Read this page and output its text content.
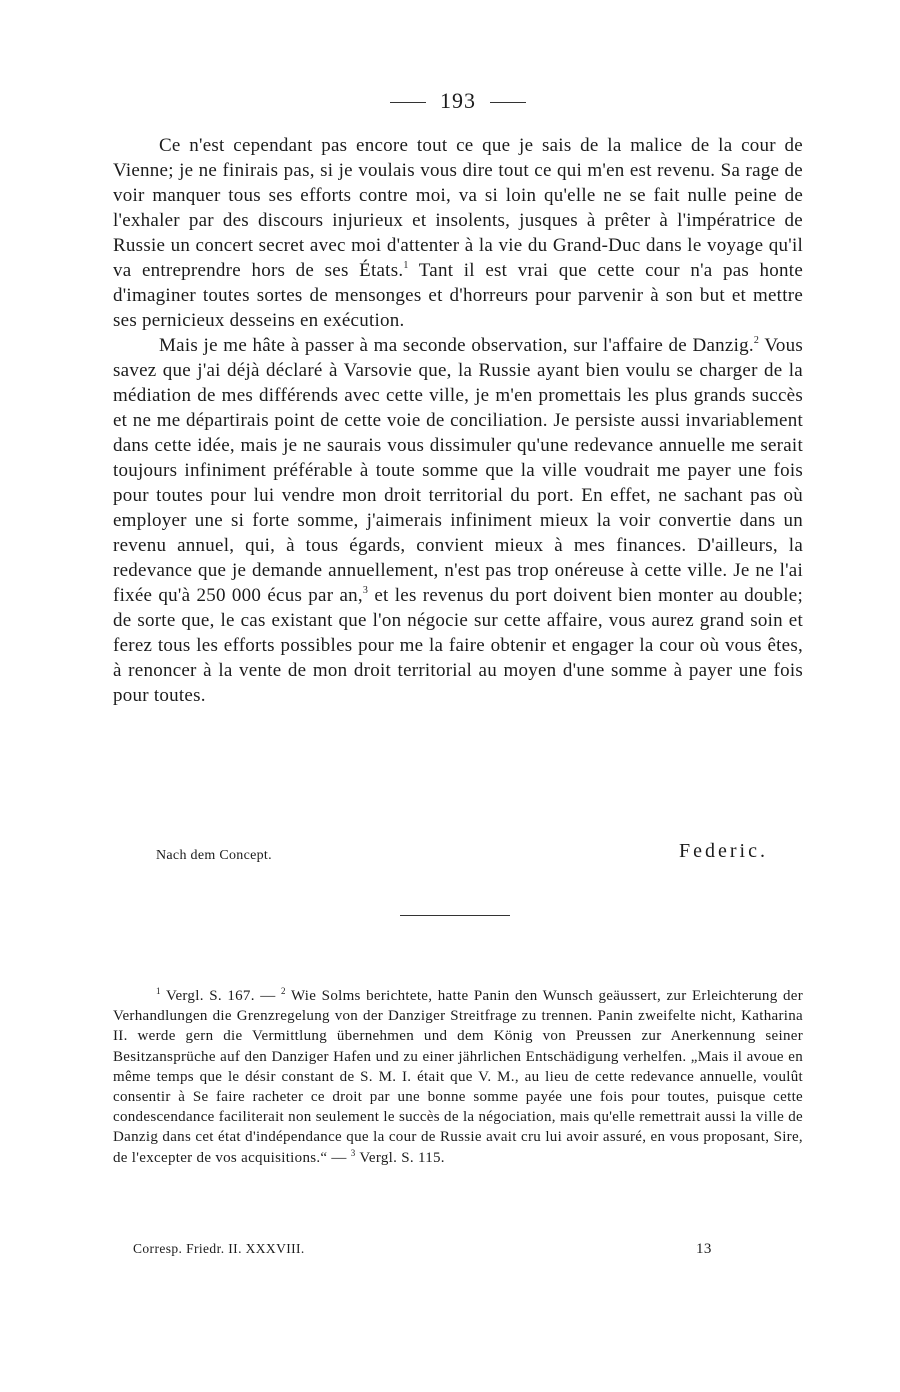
193

Ce n'est cependant pas encore tout ce que je sais de la malice de la cour de Vienne; je ne finirais pas, si je voulais vous dire tout ce qui m'en est revenu. Sa rage de voir manquer tous ses efforts contre moi, va si loin qu'elle ne se fait nulle peine de l'exhaler par des discours injurieux et insolents, jusques à prêter à l'impératrice de Russie un concert secret avec moi d'attenter à la vie du Grand-Duc dans le voyage qu'il va entreprendre hors de ses États.$^1$ Tant il est vrai que cette cour n'a pas honte d'imaginer toutes sortes de mensonges et d'horreurs pour parvenir à son but et mettre ses pernicieux desseins en exécution.

Mais je me hâte à passer à ma seconde observation, sur l'affaire de Danzig.$^2$ Vous savez que j'ai déjà déclaré à Varsovie que, la Russie ayant bien voulu se charger de la médiation de mes différends avec cette ville, je m'en promettais les plus grands succès et ne me départirais point de cette voie de conciliation. Je persiste aussi invariablement dans cette idée, mais je ne saurais vous dissimuler qu'une redevance annuelle me serait toujours infiniment préférable à toute somme que la ville voudrait me payer une fois pour toutes pour lui vendre mon droit territorial du port. En effet, ne sachant pas où employer une si forte somme, j'aimerais infiniment mieux la voir convertie dans un revenu annuel, qui, à tous égards, convient mieux à mes finances. D'ailleurs, la redevance que je demande annuellement, n'est pas trop onéreuse à cette ville. Je ne l'ai fixée qu'à 250 000 écus par an,$^3$ et les revenus du port doivent bien monter au double; de sorte que, le cas existant que l'on négocie sur cette affaire, vous aurez grand soin et ferez tous les efforts possibles pour me la faire obtenir et engager la cour où vous êtes, à renoncer à la vente de mon droit territorial au moyen d'une somme à payer une fois pour toutes.

Nach dem Concept.	Federic.

$^1$ Vergl. S. 167. — $^2$ Wie Solms berichtete, hatte Panin den Wunsch geäussert, zur Erleichterung der Verhandlungen die Grenzregelung von der Danziger Streitfrage zu trennen. Panin zweifelte nicht, Katharina II. werde gern die Vermittlung übernehmen und dem König von Preussen zur Anerkennung seiner Besitzansprüche auf den Danziger Hafen und zu einer jährlichen Entschädigung verhelfen. „Mais il avoue en même temps que le désir constant de S. M. I. était que V. M., au lieu de cette redevance annuelle, voulût consentir à Se faire racheter ce droit par une bonne somme payée une fois pour toutes, puisque cette condescendance faciliterait non seulement le succès de la négociation, mais qu'elle remettrait aussi la ville de Danzig dans cet état d'indépendance que la cour de Russie avait cru lui avoir assuré, en vous proposant, Sire, de l'excepter de vos acquisitions.“ — $^3$ Vergl. S. 115.

Corresp. Friedr. II. XXXVIII.	13
